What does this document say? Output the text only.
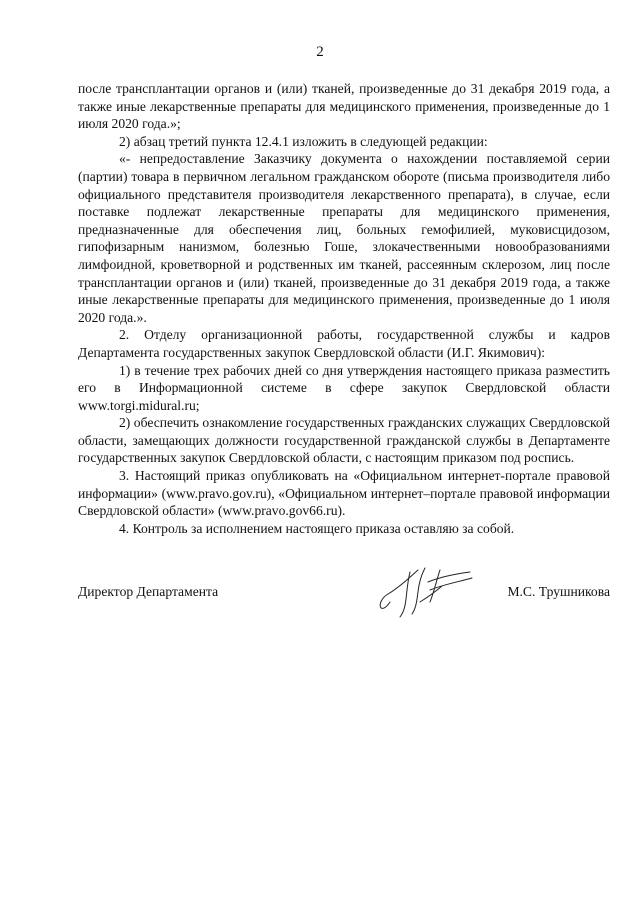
2

после трансплантации органов и (или) тканей, произведенные до 31 декабря 2019 года, а также иные лекарственные препараты для медицинского применения, произведенные до 1 июля 2020 года.»;

2) абзац третий пункта 12.4.1 изложить в следующей редакции:

«- непредоставление Заказчику документа о нахождении поставляемой серии (партии) товара в первичном легальном гражданском обороте (письма производителя либо официального представителя производителя лекарственного препарата), в случае, если поставке подлежат лекарственные препараты для медицинского применения, предназначенные для обеспечения лиц, больных гемофилией, муковисцидозом, гипофизарным нанизмом, болезнью Гоше, злокачественными новообразованиями лимфоидной, кроветворной и родственных им тканей, рассеянным склерозом, лиц после трансплантации органов и (или) тканей, произведенные до 31 декабря 2019 года, а также иные лекарственные препараты для медицинского применения, произведенные до 1 июля 2020 года.».

2. Отделу организационной работы, государственной службы и кадров Департамента государственных закупок Свердловской области (И.Г. Якимович):

1) в течение трех рабочих дней со дня утверждения настоящего приказа разместить его в Информационной системе в сфере закупок Свердловской области www.torgi.midural.ru;

2) обеспечить ознакомление государственных гражданских служащих Свердловской области, замещающих должности государственной гражданской службы в Департаменте государственных закупок Свердловской области, с настоящим приказом под роспись.

3. Настоящий приказ опубликовать на «Официальном интернет-портале правовой информации» (www.pravo.gov.ru), «Официальном интернет–портале правовой информации Свердловской области» (www.pravo.gov66.ru).

4. Контроль за исполнением настоящего приказа оставляю за собой.

Директор Департамента	М.С. Трушникова
